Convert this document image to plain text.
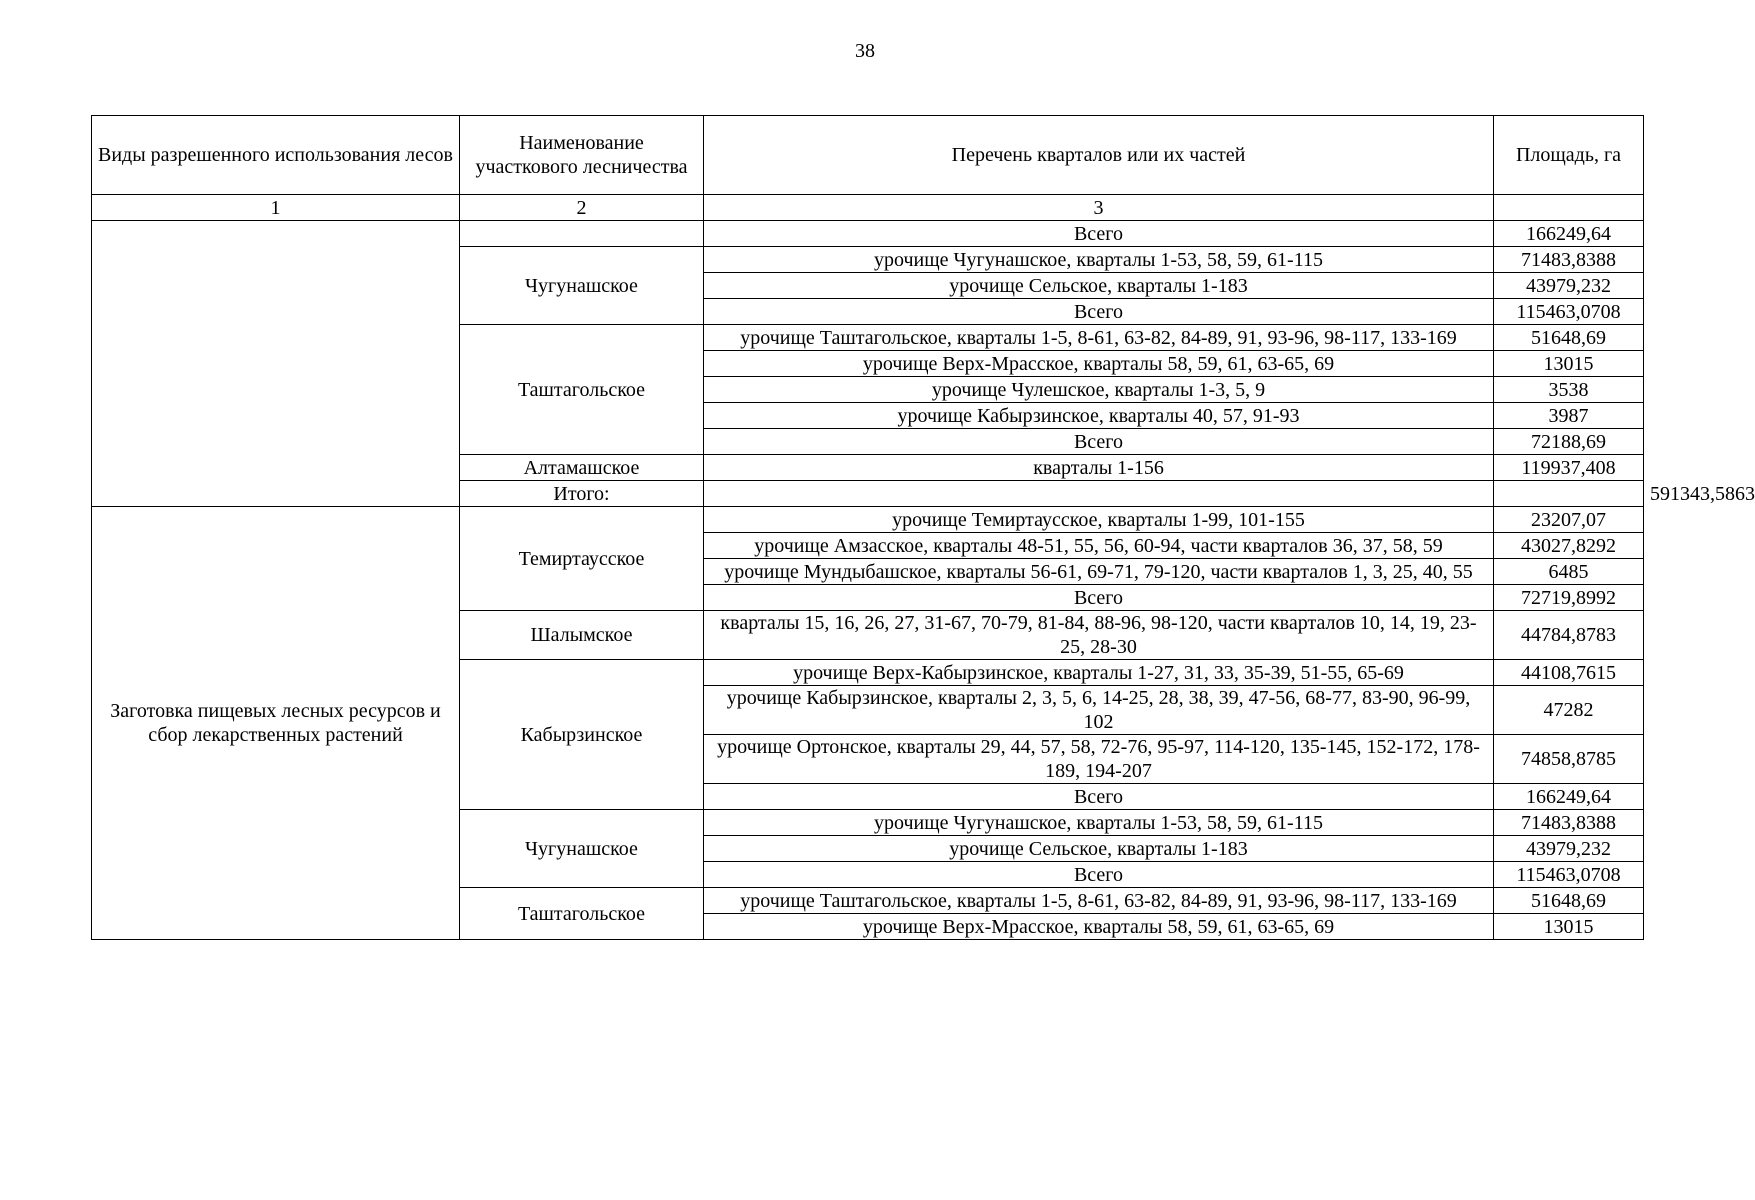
38
Виды разрешенного использования лесов	Наименование участкового лесничества	Перечень кварталов или их частей	Площадь, га	
1	2	3		
		Всего	166249,64	
	Чугунашское	урочище Чугунашское, кварталы 1-53, 58, 59, 61-115	71483,8388	
		урочище Сельское, кварталы 1-183	43979,232	
		Всего	115463,0708	
	Таштагольское	урочище Таштагольское, кварталы 1-5, 8-61, 63-82, 84-89, 91, 93-96, 98-117, 133-169	51648,69	
		урочище Верх-Мрасское, кварталы 58, 59, 61, 63-65, 69	13015	
		урочище Чулешское, кварталы 1-3, 5, 9	3538	
		урочище Кабырзинское, кварталы 40, 57, 91-93	3987	
		Всего	72188,69	
	Алтамашское	кварталы 1-156	119937,408	
	Итого:			591343,5863
Заготовка пищевых лесных ресурсов и сбор лекарственных растений	Темиртаусское	урочище Темиртаусское, кварталы 1-99, 101-155	23207,07	
		урочище Амзасское, кварталы 48-51, 55, 56, 60-94, части кварталов 36, 37, 58, 59	43027,8292	
		урочище Мундыбашское, кварталы 56-61, 69-71, 79-120, части кварталов 1, 3, 25, 40, 55	6485	
		Всего	72719,8992	
	Шалымское	кварталы 15, 16, 26, 27, 31-67, 70-79, 81-84, 88-96, 98-120, части кварталов 10, 14, 19, 23-25, 28-30	44784,8783	
	Кабырзинское	урочище Верх-Кабырзинское, кварталы 1-27, 31, 33, 35-39, 51-55, 65-69	44108,7615	
		урочище Кабырзинское, кварталы 2, 3, 5, 6, 14-25, 28, 38, 39, 47-56, 68-77, 83-90, 96-99, 102	47282	
		урочище Ортонское, кварталы 29, 44, 57, 58, 72-76, 95-97, 114-120, 135-145, 152-172, 178-189, 194-207	74858,8785	
		Всего	166249,64	
	Чугунашское	урочище Чугунашское, кварталы 1-53, 58, 59, 61-115	71483,8388	
		урочище Сельское, кварталы 1-183	43979,232	
		Всего	115463,0708	
	Таштагольское	урочище Таштагольское, кварталы 1-5, 8-61, 63-82, 84-89, 91, 93-96, 98-117, 133-169	51648,69	
		урочище Верх-Мрасское, кварталы 58, 59, 61, 63-65, 69	13015	
